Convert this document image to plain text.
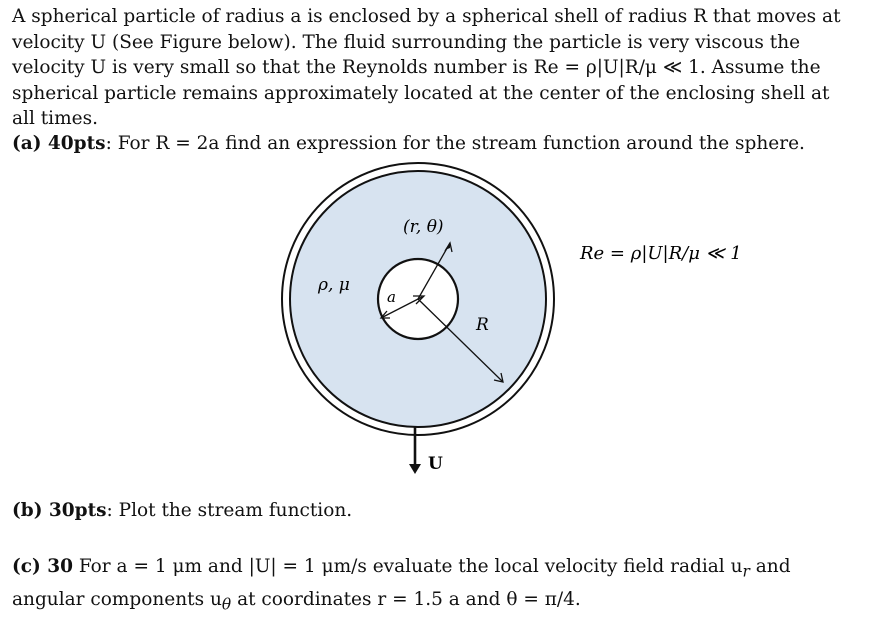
A spherical particle of radius a is enclosed by a spherical shell of radius R that moves at
velocity U (See Figure below). The fluid surrounding the particle is very viscous the
velocity U is very small so that the Reynolds number is Re = ρ|U|R/μ ≪ 1. Assume the
spherical particle remains approximately located at the center of the enclosing shell at
all times.
(a) 40pts: For R = 2a find an expression for the stream function around the sphere.
(r, θ)
ρ, μ
a
R
U
Re = ρ|U|R/μ ≪ 1
(b) 30pts: Plot the stream function.
(c) 30 For a = 1 μm and |U| = 1 μm/s evaluate the local velocity field radial $u_r$ and
angular components $u_\theta$ at coordinates r = 1.5 a and θ = π/4.
